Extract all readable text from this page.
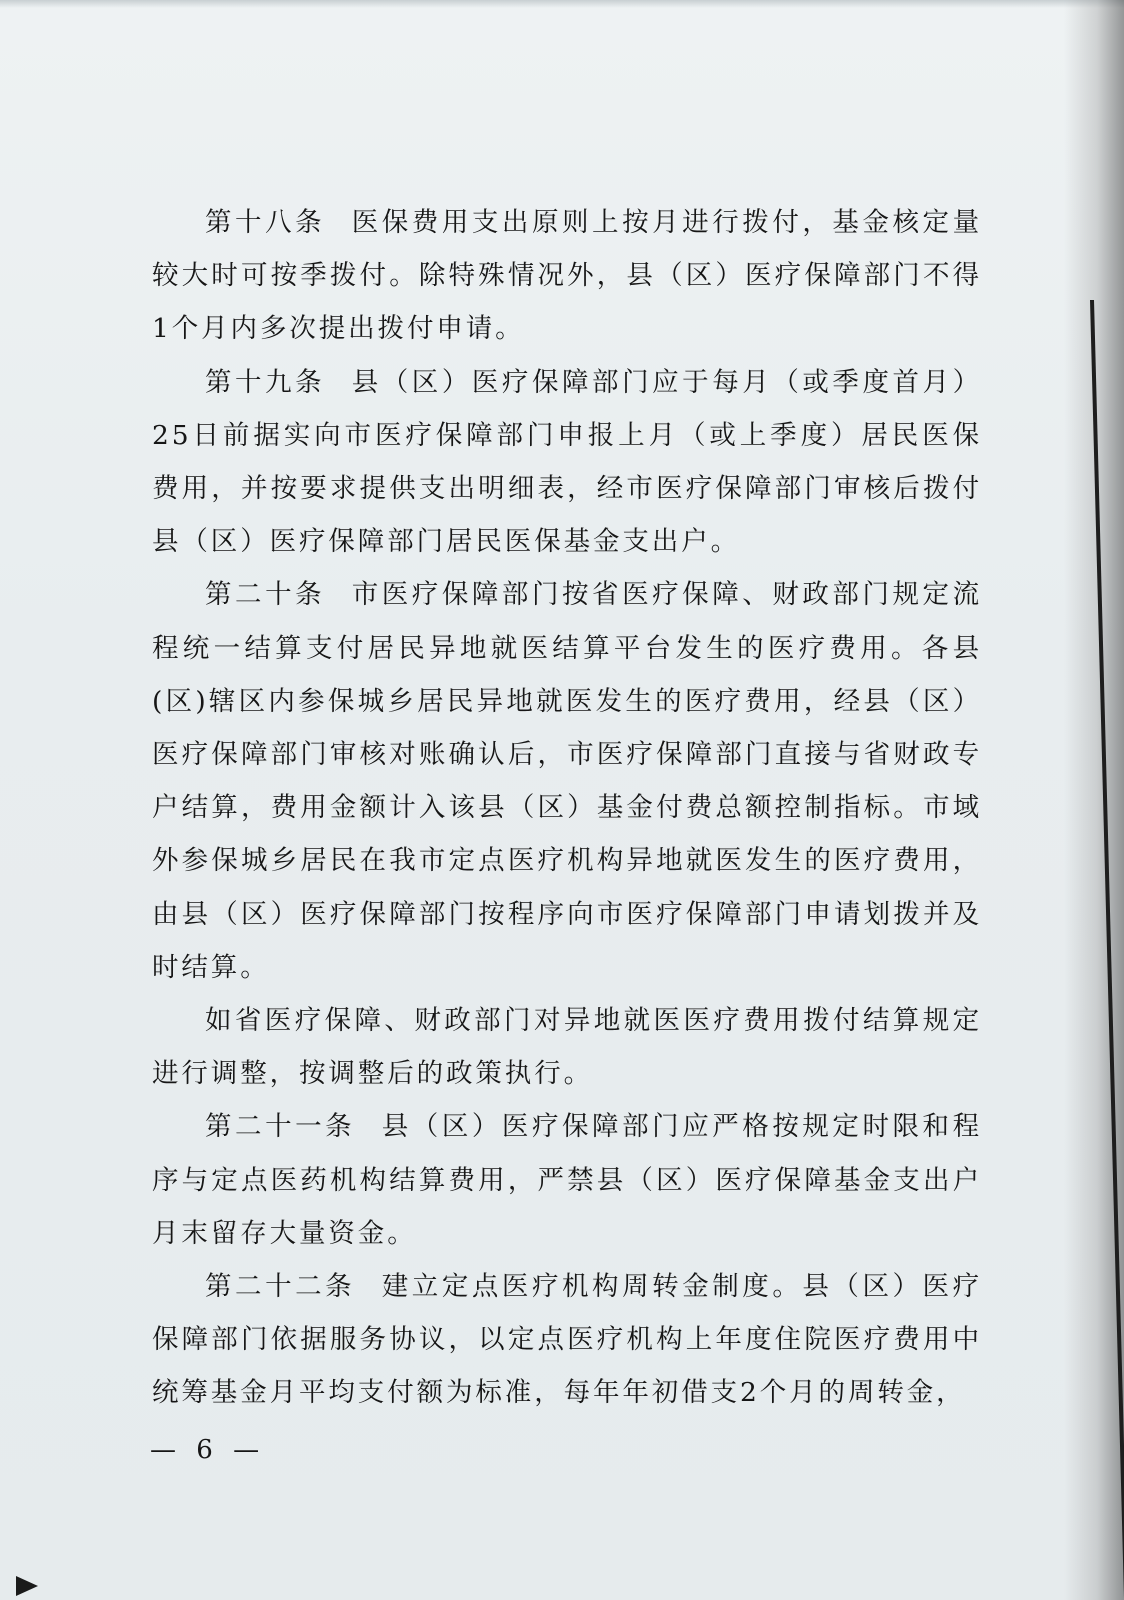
第十八条 医保费用支出原则上按月进行拨付，基金核定量较大时可按季拨付。除特殊情况外，县（区）医疗保障部门不得1个月内多次提出拨付申请。

第十九条 县（区）医疗保障部门应于每月（或季度首月）25日前据实向市医疗保障部门申报上月（或上季度）居民医保费用，并按要求提供支出明细表，经市医疗保障部门审核后拨付县（区）医疗保障部门居民医保基金支出户。

第二十条 市医疗保障部门按省医疗保障、财政部门规定流程统一结算支付居民异地就医结算平台发生的医疗费用。各县(区)辖区内参保城乡居民异地就医发生的医疗费用，经县（区）医疗保障部门审核对账确认后，市医疗保障部门直接与省财政专户结算，费用金额计入该县（区）基金付费总额控制指标。市域外参保城乡居民在我市定点医疗机构异地就医发生的医疗费用，由县（区）医疗保障部门按程序向市医疗保障部门申请划拨并及时结算。

如省医疗保障、财政部门对异地就医医疗费用拨付结算规定进行调整，按调整后的政策执行。

第二十一条 县（区）医疗保障部门应严格按规定时限和程序与定点医药机构结算费用，严禁县（区）医疗保障基金支出户月末留存大量资金。

第二十二条 建立定点医疗机构周转金制度。县（区）医疗保障部门依据服务协议，以定点医疗机构上年度住院医疗费用中统筹基金月平均支付额为标准，每年年初借支2个月的周转金，

— 6 —
